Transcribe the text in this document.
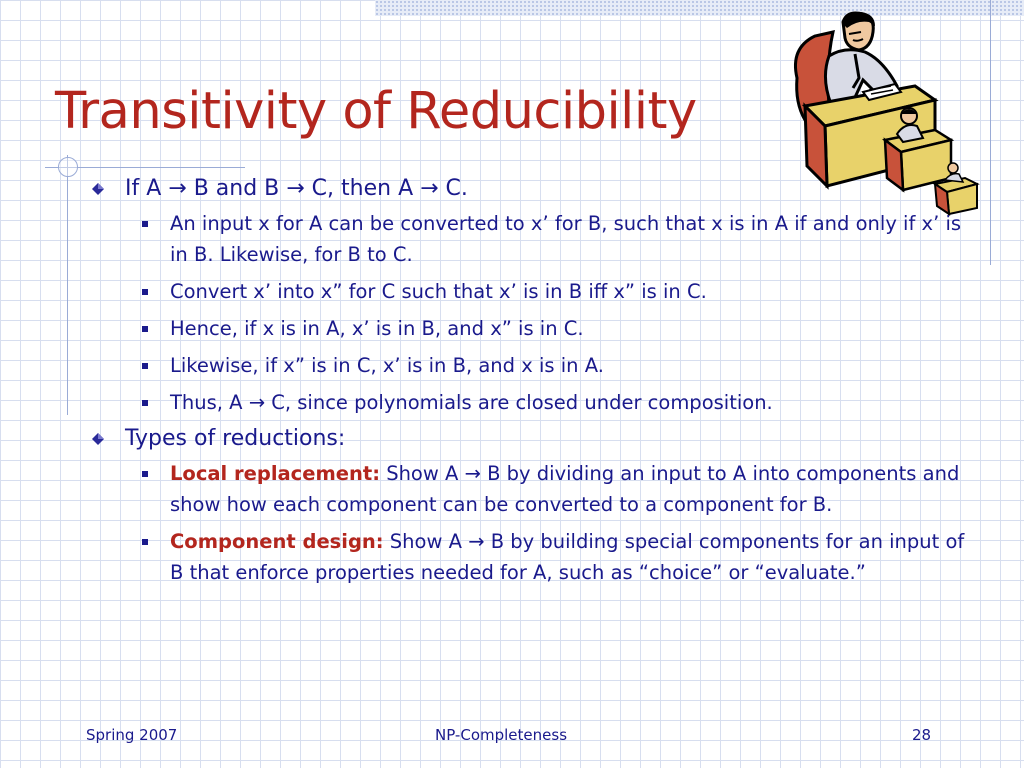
Transitivity of Reducibility
If A → B and B → C, then A → C.
An input x for A can be converted to x’ for B, such that x is in A if and only if x’ is in B. Likewise, for B to C.
Convert x’ into x” for C such that x’ is in B iff x” is in C.
Hence, if x is in A, x’ is in B, and x” is in C.
Likewise, if x” is in C, x’ is in B, and x is in A.
Thus, A → C, since polynomials are closed under composition.
Types of reductions:
Local replacement: Show A → B by dividing an input to A into components and show how each component can be converted to a component for B.
Component design: Show A → B by building special components for an input of B that enforce properties needed for A, such as “choice” or “evaluate.”
Spring 2007	NP-Completeness	28
